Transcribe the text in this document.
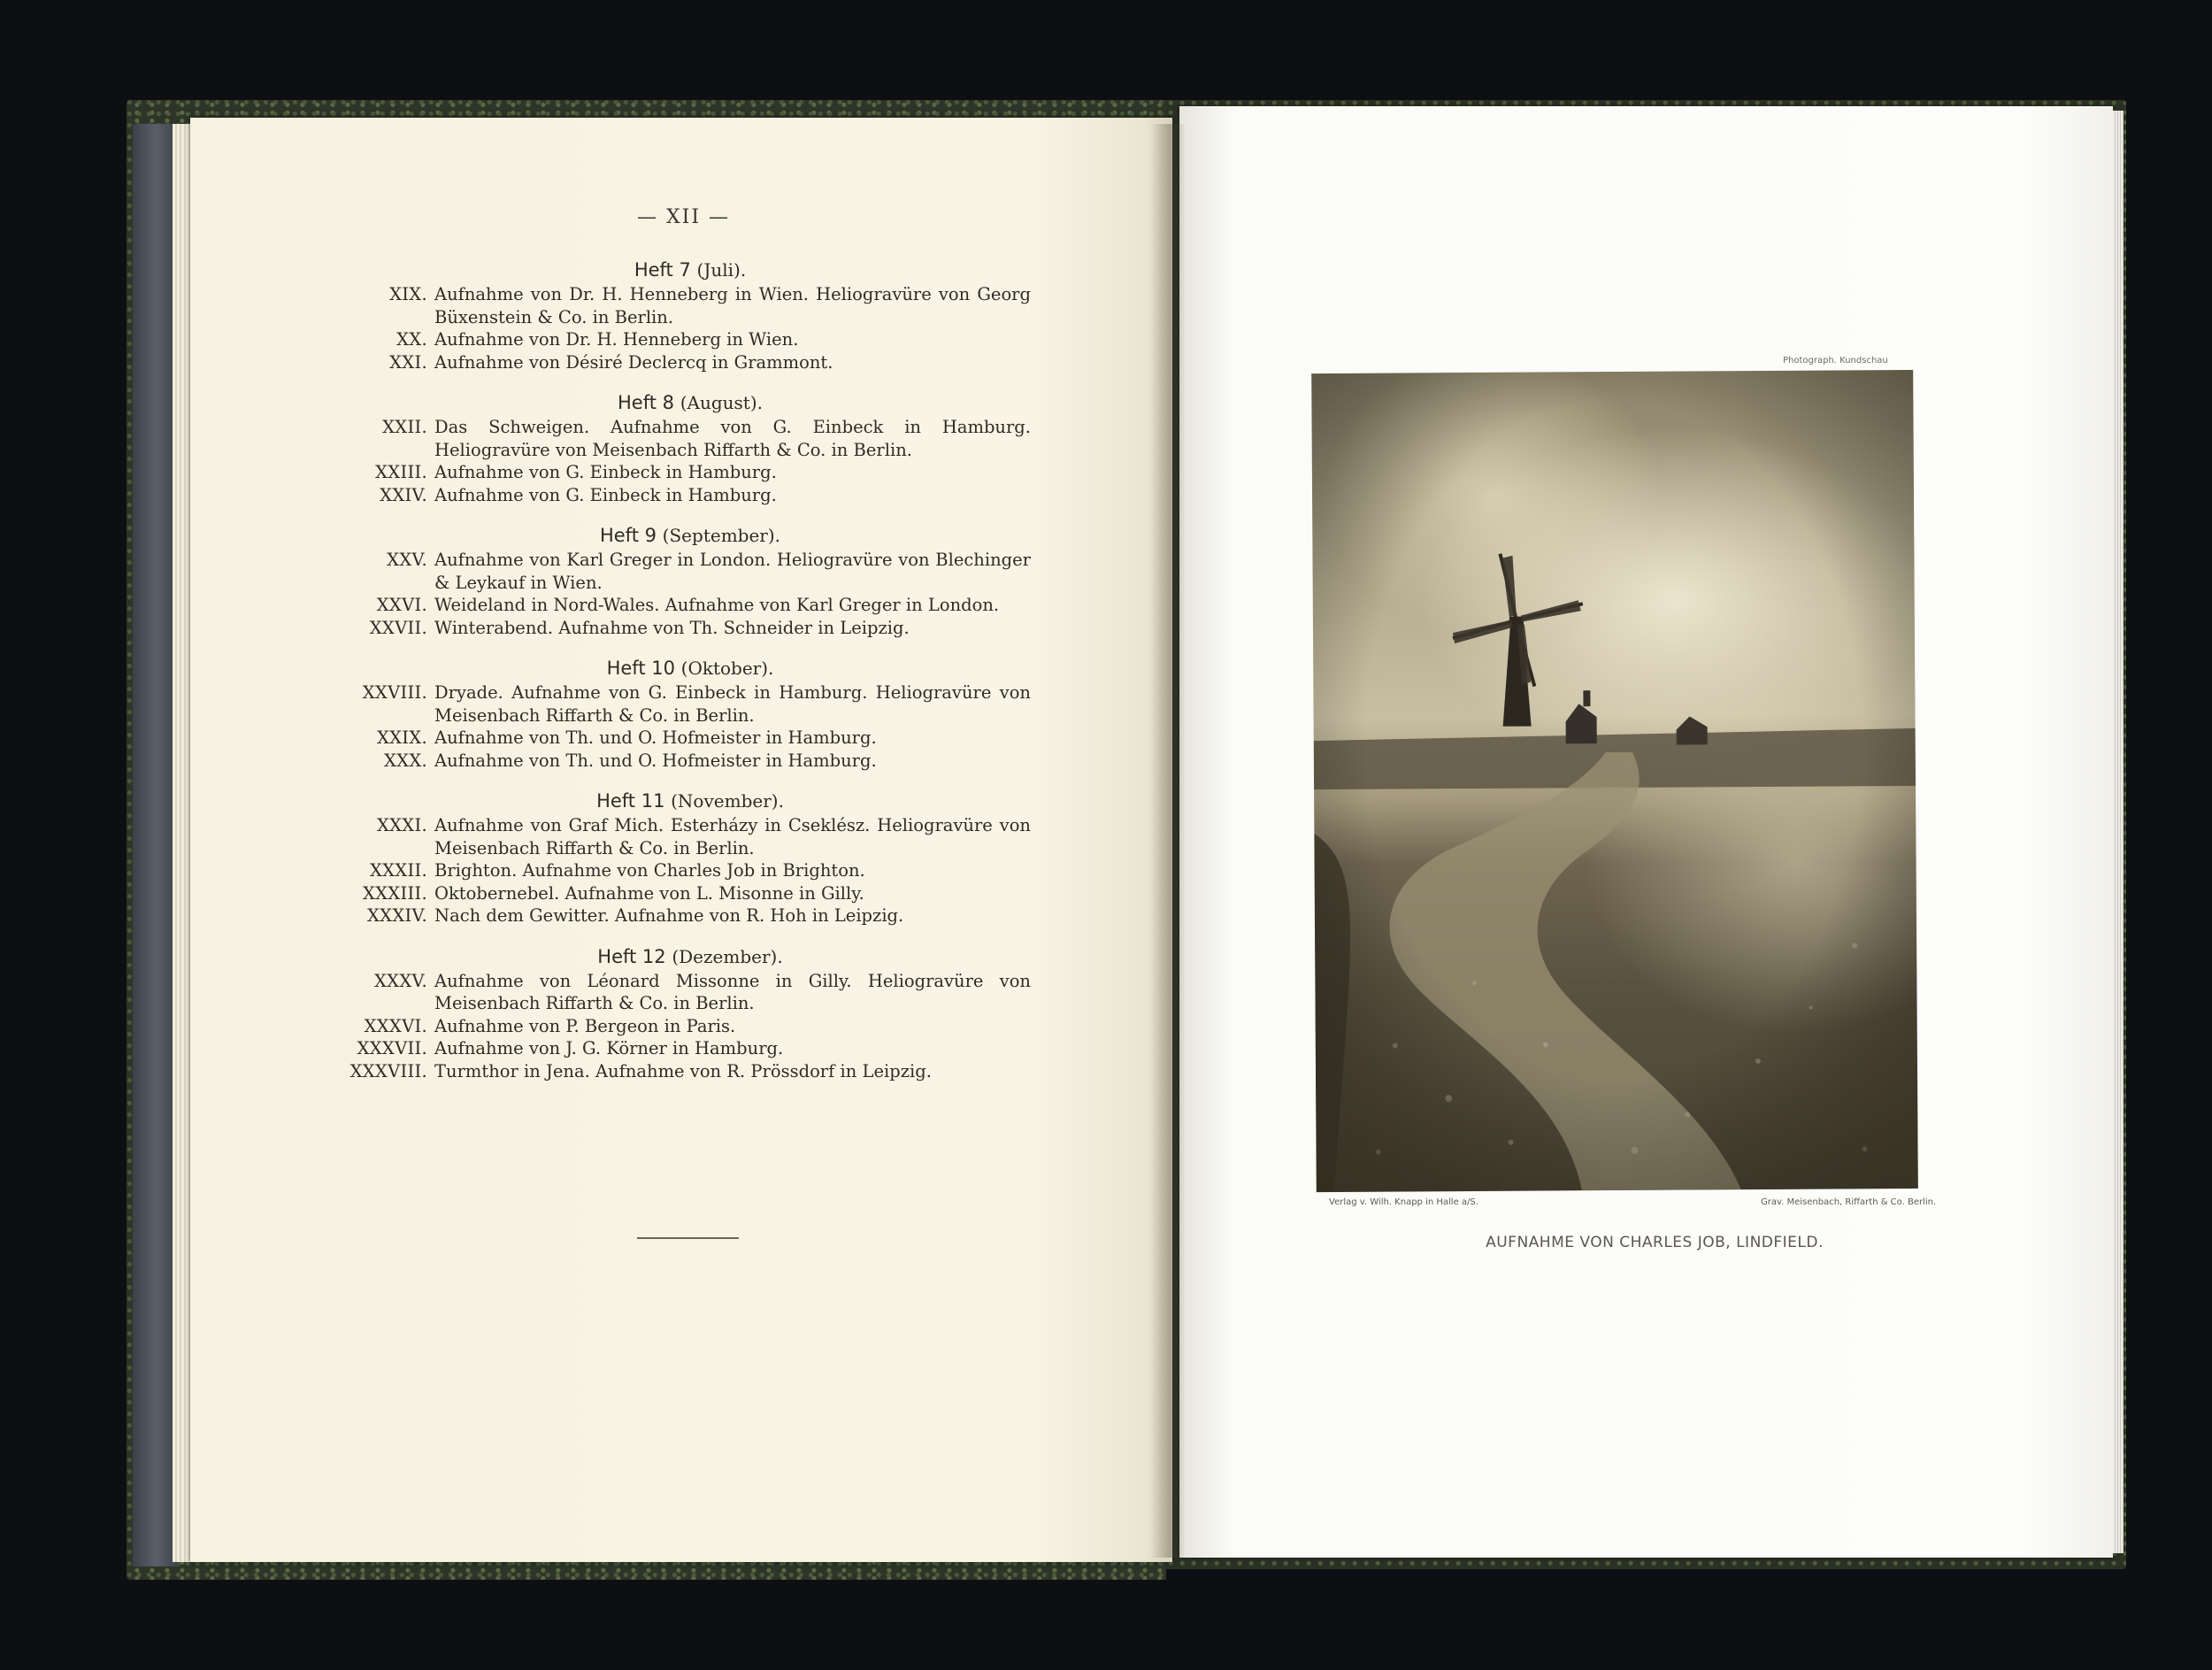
— XII —
Heft 7 (Juli).
XIX. Aufnahme von Dr. H. Henneberg in Wien. Heliogravüre von Georg Büxenstein & Co. in Berlin.
XX. Aufnahme von Dr. H. Henneberg in Wien.
XXI. Aufnahme von Désiré Declercq in Grammont.
Heft 8 (August).
XXII. Das Schweigen. Aufnahme von G. Einbeck in Hamburg. Heliogravüre von Meisenbach Riffarth & Co. in Berlin.
XXIII. Aufnahme von G. Einbeck in Hamburg.
XXIV. Aufnahme von G. Einbeck in Hamburg.
Heft 9 (September).
XXV. Aufnahme von Karl Greger in London. Heliogravüre von Blechinger & Leykauf in Wien.
XXVI. Weideland in Nord-Wales. Aufnahme von Karl Greger in London.
XXVII. Winterabend. Aufnahme von Th. Schneider in Leipzig.
Heft 10 (Oktober).
XXVIII. Dryade. Aufnahme von G. Einbeck in Hamburg. Heliogravüre von Meisenbach Riffarth & Co. in Berlin.
XXIX. Aufnahme von Th. und O. Hofmeister in Hamburg.
XXX. Aufnahme von Th. und O. Hofmeister in Hamburg.
Heft 11 (November).
XXXI. Aufnahme von Graf Mich. Esterházy in Cseklész. Heliogravüre von Meisenbach Riffarth & Co. in Berlin.
XXXII. Brighton. Aufnahme von Charles Job in Brighton.
XXXIII. Oktobernebel. Aufnahme von L. Misonne in Gilly.
XXXIV. Nach dem Gewitter. Aufnahme von R. Hoh in Leipzig.
Heft 12 (Dezember).
XXXV. Aufnahme von Léonard Missonne in Gilly. Heliogravüre von Meisenbach Riffarth & Co. in Berlin.
XXXVI. Aufnahme von P. Bergeon in Paris.
XXXVII. Aufnahme von J. G. Körner in Hamburg.
XXXVIII. Turmthor in Jena. Aufnahme von R. Prössdorf in Leipzig.
Photograph. Kundschau
Verlag v. Wilh. Knapp in Halle a/S.	Grav. Meisenbach, Riffarth & Co. Berlin.
AUFNAHME VON CHARLES JOB, LINDFIELD.
